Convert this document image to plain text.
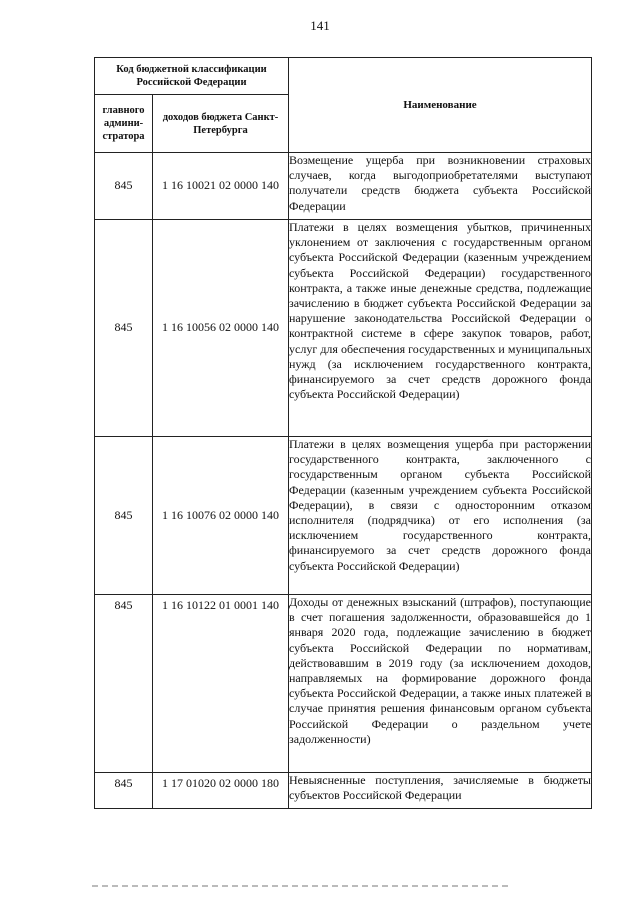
141
Код бюджетной классификации Российской Федерации		Наименование
главного админи-стратора	доходов бюджета Санкт-Петербурга	
845	1 16 10021 02 0000 140	Возмещение ущерба при возникновении страховых случаев, когда выгодоприобретателями выступают получатели средств бюджета субъекта Российской Федерации
845	1 16 10056 02 0000 140	Платежи в целях возмещения убытков, причиненных уклонением от заключения с государственным органом субъекта Российской Федерации (казенным учреждением субъекта Российской Федерации) государственного контракта, а также иные денежные средства, подлежащие зачислению в бюджет субъекта Российской Федерации за нарушение законодательства Российской Федерации о контрактной системе в сфере закупок товаров, работ, услуг для обеспечения государственных и муниципальных нужд (за исключением государственного контракта, финансируемого за счет средств дорожного фонда субъекта Российской Федерации)
845	1 16 10076 02 0000 140	Платежи в целях возмещения ущерба при расторжении государственного контракта, заключенного с государственным органом субъекта Российской Федерации (казенным учреждением субъекта Российской Федерации), в связи с односторонним отказом исполнителя (подрядчика) от его исполнения (за исключением государственного контракта, финансируемого за счет средств дорожного фонда субъекта Российской Федерации)
845	1 16 10122 01 0001 140	Доходы от денежных взысканий (штрафов), поступающие в счет погашения задолженности, образовавшейся до 1 января 2020 года, подлежащие зачислению в бюджет субъекта Российской Федерации по нормативам, действовавшим в 2019 году (за исключением доходов, направляемых на формирование дорожного фонда субъекта Российской Федерации, а также иных платежей в случае принятия решения финансовым органом субъекта Российской Федерации о раздельном учете задолженности)
845	1 17 01020 02 0000 180	Невыясненные поступления, зачисляемые в бюджеты субъектов Российской Федерации
